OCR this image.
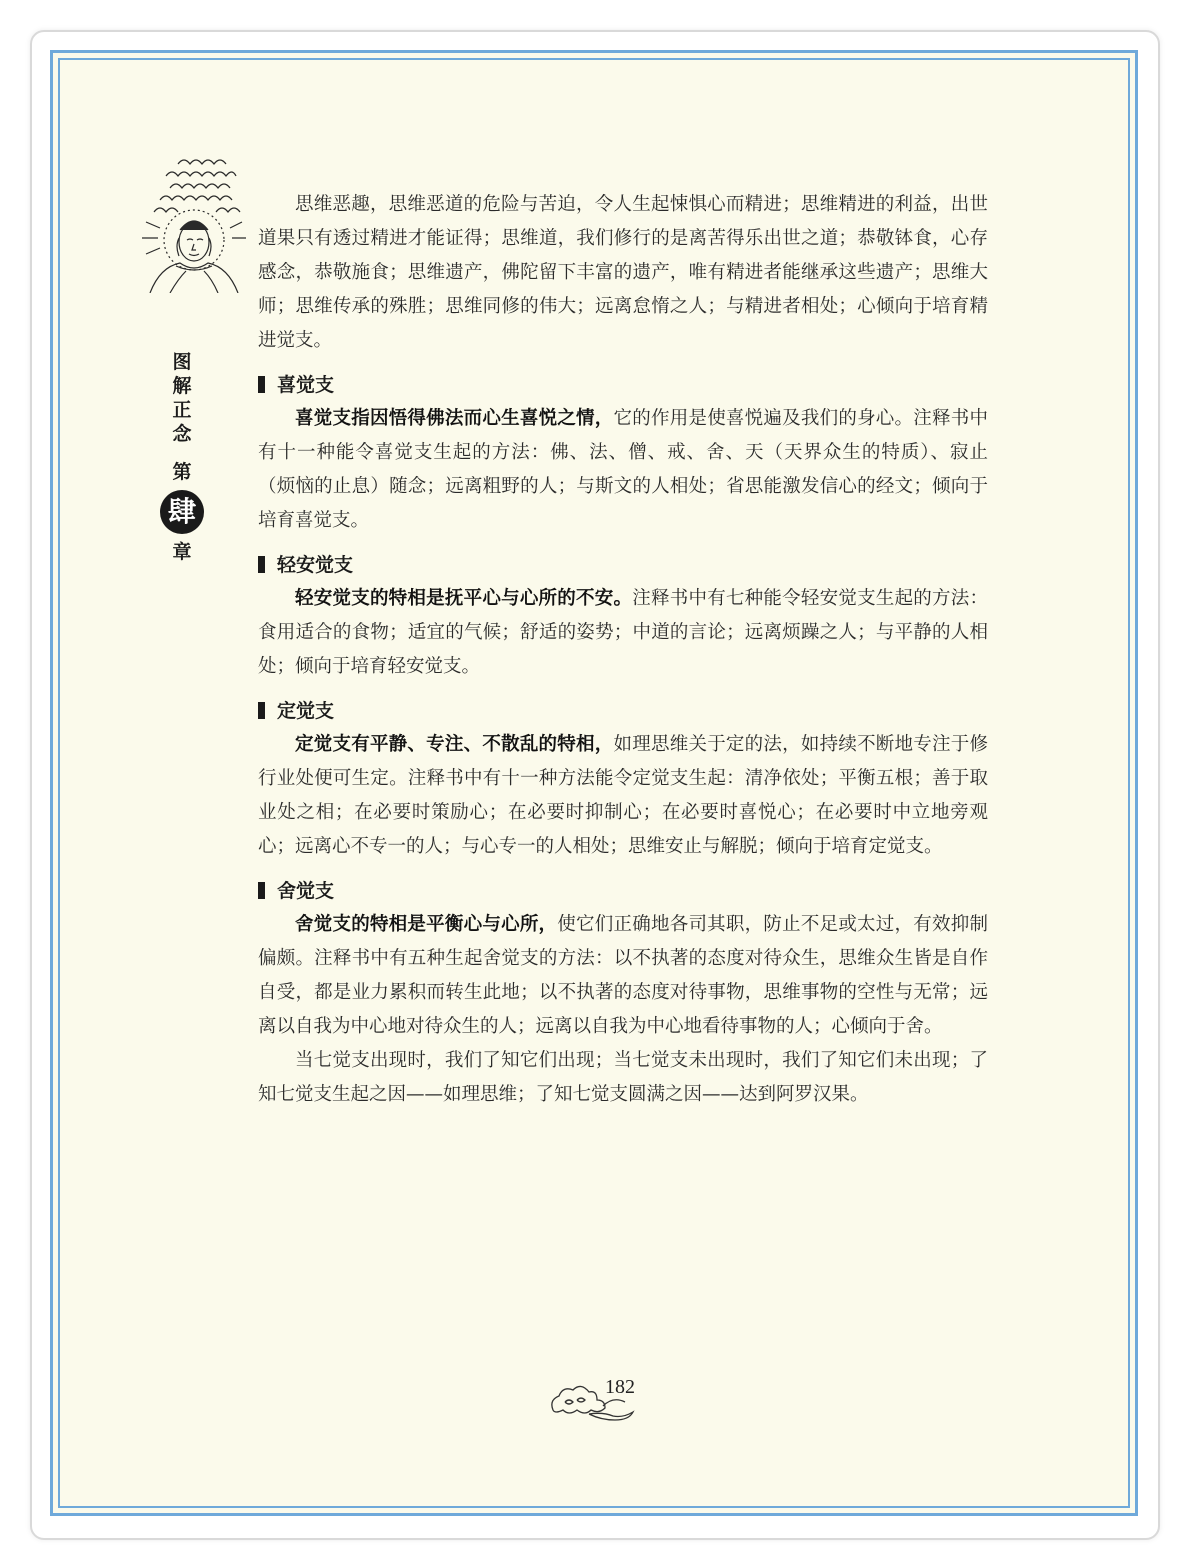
图
解
正
念
第
肆
章

思维恶趣，思维恶道的危险与苦迫，令人生起悚惧心而精进；思维精进的利益，出世道果只有透过精进才能证得；思维道，我们修行的是离苦得乐出世之道；恭敬钵食，心存感念，恭敬施食；思维遗产，佛陀留下丰富的遗产，唯有精进者能继承这些遗产；思维大师；思维传承的殊胜；思维同修的伟大；远离怠惰之人；与精进者相处；心倾向于培育精进觉支。

喜觉支

喜觉支指因悟得佛法而心生喜悦之情，它的作用是使喜悦遍及我们的身心。注释书中有十一种能令喜觉支生起的方法：佛、法、僧、戒、舍、天（天界众生的特质）、寂止（烦恼的止息）随念；远离粗野的人；与斯文的人相处；省思能激发信心的经文；倾向于培育喜觉支。

轻安觉支

轻安觉支的特相是抚平心与心所的不安。注释书中有七种能令轻安觉支生起的方法：食用适合的食物；适宜的气候；舒适的姿势；中道的言论；远离烦躁之人；与平静的人相处；倾向于培育轻安觉支。

定觉支

定觉支有平静、专注、不散乱的特相，如理思维关于定的法，如持续不断地专注于修行业处便可生定。注释书中有十一种方法能令定觉支生起：清净依处；平衡五根；善于取业处之相；在必要时策励心；在必要时抑制心；在必要时喜悦心；在必要时中立地旁观心；远离心不专一的人；与心专一的人相处；思维安止与解脱；倾向于培育定觉支。

舍觉支

舍觉支的特相是平衡心与心所，使它们正确地各司其职，防止不足或太过，有效抑制偏颇。注释书中有五种生起舍觉支的方法：以不执著的态度对待众生，思维众生皆是自作自受，都是业力累积而转生此地；以不执著的态度对待事物，思维事物的空性与无常；远离以自我为中心地对待众生的人；远离以自我为中心地看待事物的人；心倾向于舍。

当七觉支出现时，我们了知它们出现；当七觉支未出现时，我们了知它们未出现；了知七觉支生起之因——如理思维；了知七觉支圆满之因——达到阿罗汉果。

182
